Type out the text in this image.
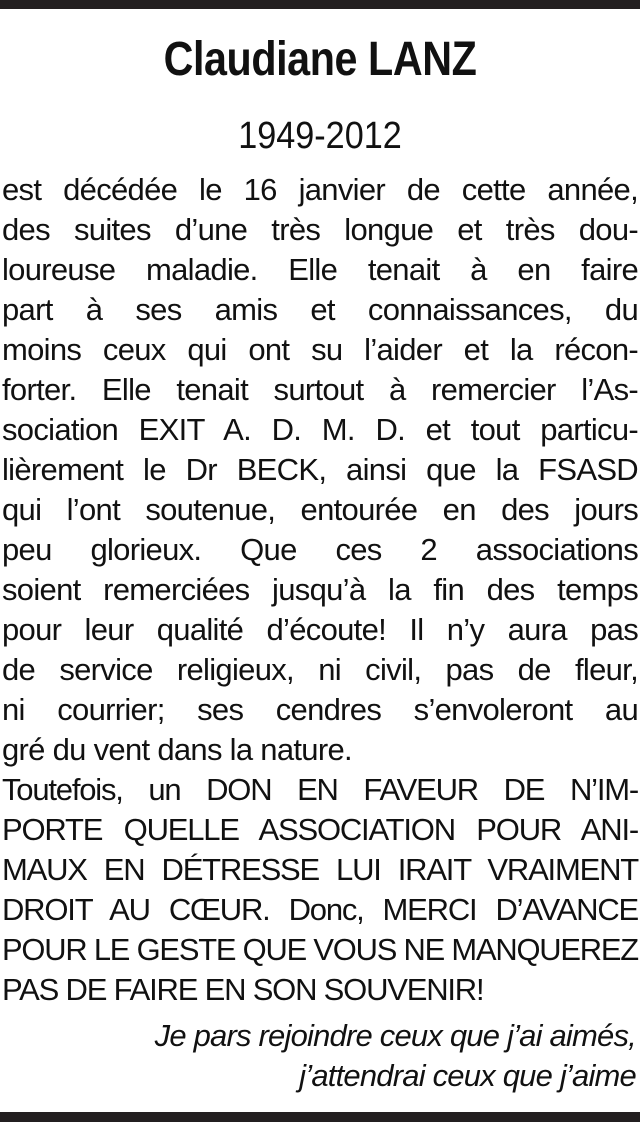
Claudiane LANZ
1949-2012
est décédée le 16 janvier de cette année,
des suites d’une très longue et très dou-
loureuse maladie. Elle tenait à en faire
part à ses amis et connaissances, du
moins ceux qui ont su l’aider et la récon-
forter. Elle tenait surtout à remercier l’As-
sociation EXIT A. D. M. D. et tout particu-
lièrement le Dr BECK, ainsi que la FSASD
qui l’ont soutenue, entourée en des jours
peu glorieux. Que ces 2 associations
soient remerciées jusqu’à la fin des temps
pour leur qualité d’écoute! Il n’y aura pas
de service religieux, ni civil, pas de fleur,
ni courrier; ses cendres s’envoleront au
gré du vent dans la nature.
Toutefois, un DON EN FAVEUR DE N’IM-
PORTE QUELLE ASSOCIATION POUR ANI-
MAUX EN DÉTRESSE LUI IRAIT VRAIMENT
DROIT AU CŒUR. Donc, MERCI D’AVANCE
POUR LE GESTE QUE VOUS NE MANQUEREZ
PAS DE FAIRE EN SON SOUVENIR!
Je pars rejoindre ceux que j’ai aimés,
j’attendrai ceux que j’aime
